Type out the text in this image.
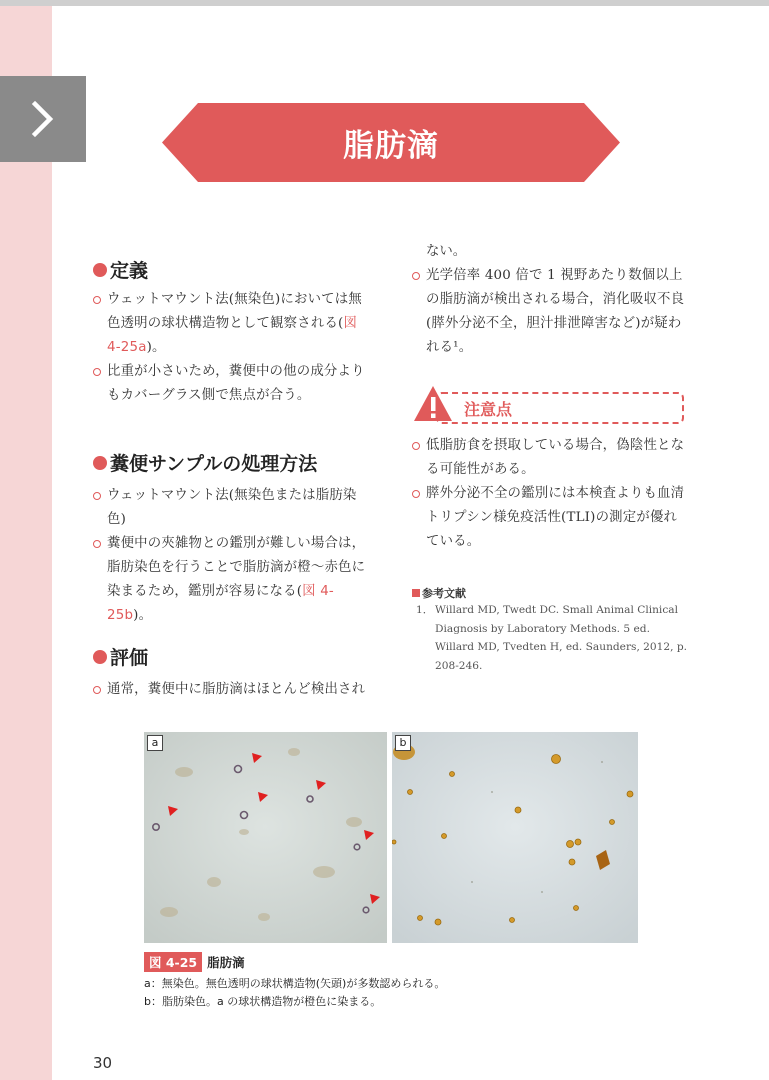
脂肪滴
定義
ウェットマウント法(無染色)においては無色透明の球状構造物として観察される(図 4-25a)。
比重が小さいため，糞便中の他の成分よりもカバーグラス側で焦点が合う。
糞便サンプルの処理方法
ウェットマウント法(無染色または脂肪染色)
糞便中の夾雑物との鑑別が難しい場合は，脂肪染色を行うことで脂肪滴が橙～赤色に染まるため，鑑別が容易になる(図 4-25b)。
評価
通常，糞便中に脂肪滴はほとんど検出され
ない。
光学倍率 400 倍で 1 視野あたり数個以上の脂肪滴が検出される場合，消化吸収不良(膵外分泌不全，胆汁排泄障害など)が疑われる¹。
注意点
低脂肪食を摂取している場合，偽陰性となる可能性がある。
膵外分泌不全の鑑別には本検査よりも血清トリプシン様免疫活性(TLI)の測定が優れている。
参考文献
1． Willard MD, Twedt DC. Small Animal Clinical Diagnosis by Laboratory Methods. 5 ed. Willard MD, Tvedten H, ed. Saunders, 2012, p. 208-246.
a	b
図 4-25 脂肪滴
a：無染色。無色透明の球状構造物(矢頭)が多数認められる。
b：脂肪染色。a の球状構造物が橙色に染まる。
30
